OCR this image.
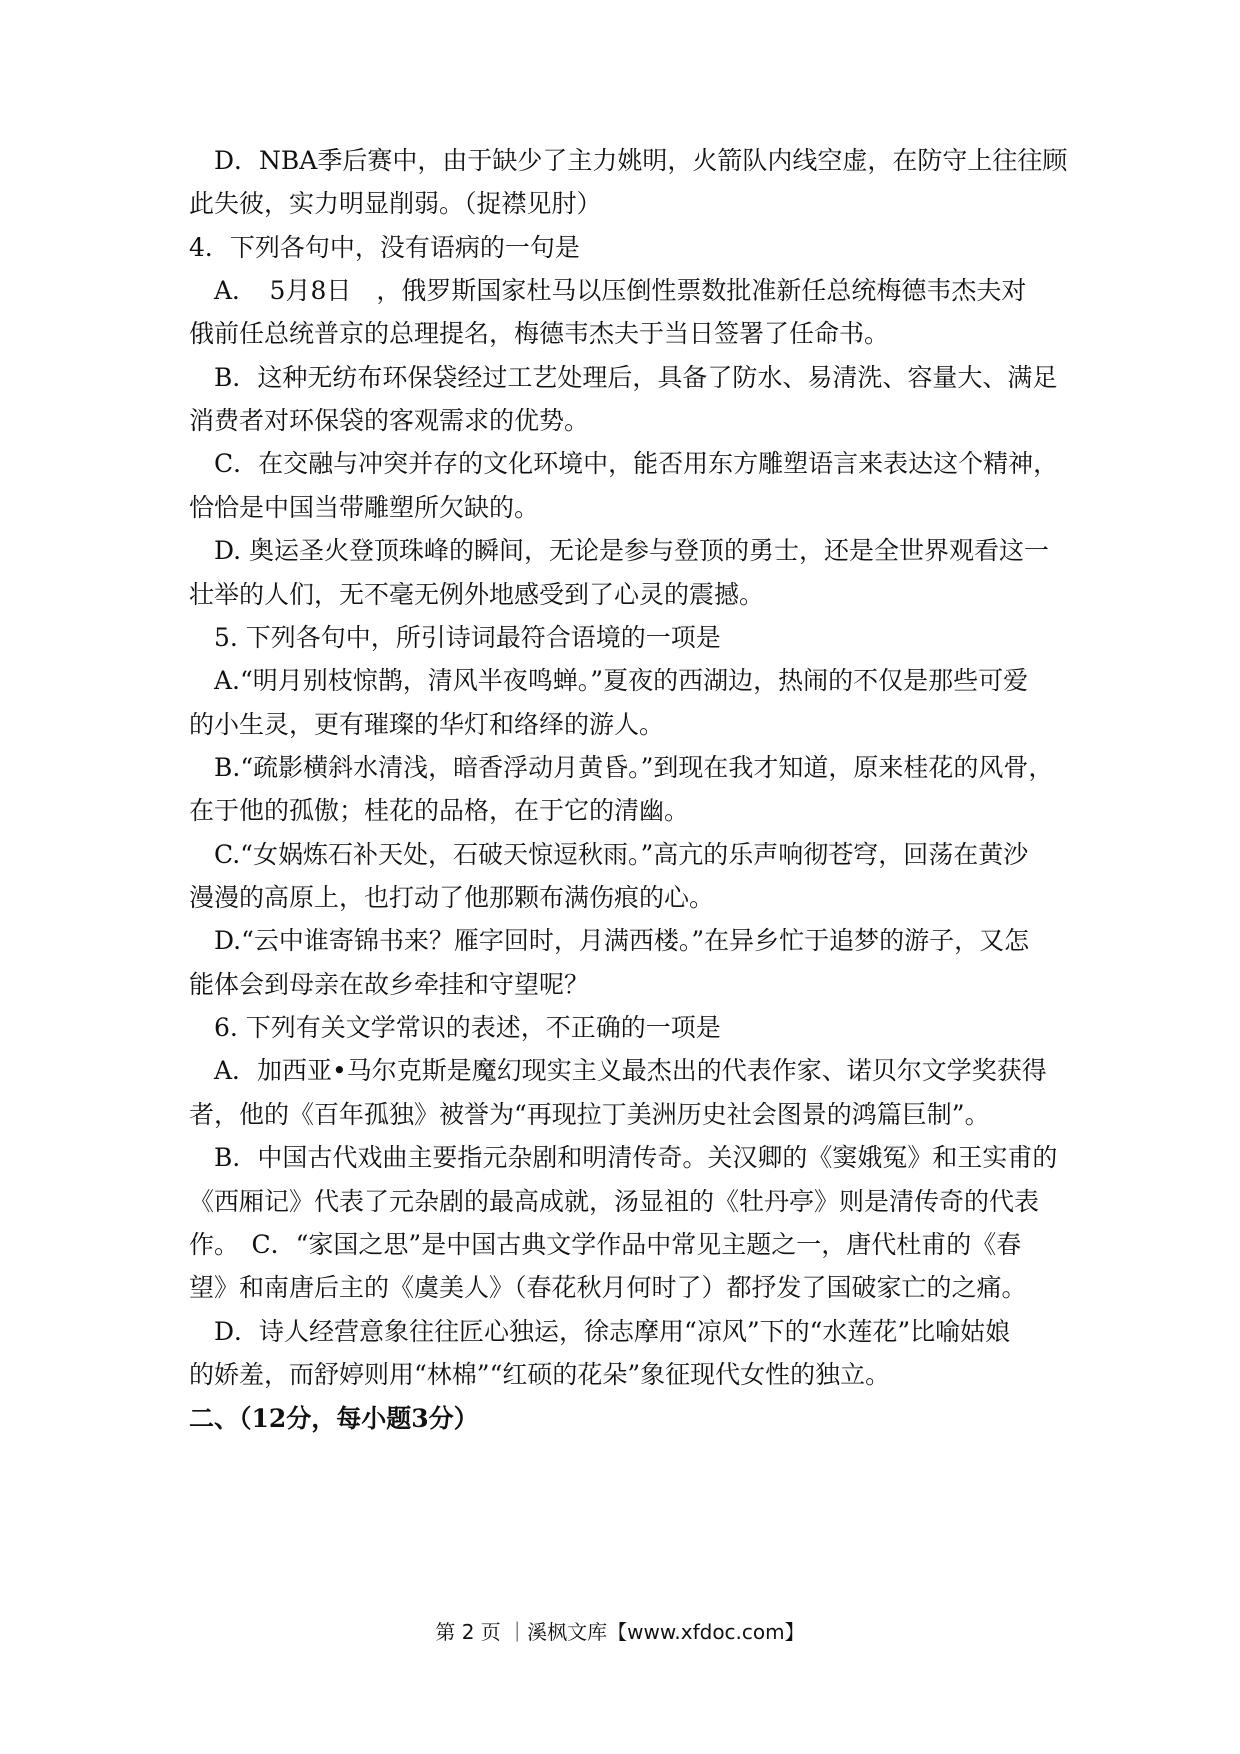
　D．NBA季后赛中，由于缺少了主力姚明，火箭队内线空虚，在防守上往往顾
此失彼，实力明显削弱。（捉襟见肘）
4．下列各句中，没有语病的一句是
　A．　5月8日　，俄罗斯国家杜马以压倒性票数批准新任总统梅德韦杰夫对
俄前任总统普京的总理提名，梅德韦杰夫于当日签署了任命书。
　B．这种无纺布环保袋经过工艺处理后，具备了防水、易清洗、容量大、满足
消费者对环保袋的客观需求的优势。
　C．在交融与冲突并存的文化环境中，能否用东方雕塑语言来表达这个精神，
恰恰是中国当带雕塑所欠缺的。
　D. 奥运圣火登顶珠峰的瞬间，无论是参与登顶的勇士，还是全世界观看这一
壮举的人们，无不毫无例外地感受到了心灵的震撼。
　5. 下列各句中，所引诗词最符合语境的一项是
　A.“明月别枝惊鹊，清风半夜鸣蝉。”夏夜的西湖边，热闹的不仅是那些可爱
的小生灵，更有璀璨的华灯和络绎的游人。
　B.“疏影横斜水清浅，暗香浮动月黄昏。”到现在我才知道，原来桂花的风骨，
在于他的孤傲；桂花的品格，在于它的清幽。
　C.“女娲炼石补天处，石破天惊逗秋雨。”高亢的乐声响彻苍穹，回荡在黄沙
漫漫的高原上，也打动了他那颗布满伤痕的心。
　D.“云中谁寄锦书来？雁字回时，月满西楼。”在异乡忙于追梦的游子，又怎
能体会到母亲在故乡牵挂和守望呢？
　6. 下列有关文学常识的表述，不正确的一项是
　A．加西亚•马尔克斯是魔幻现实主义最杰出的代表作家、诺贝尔文学奖获得
者，他的《百年孤独》被誉为“再现拉丁美洲历史社会图景的鸿篇巨制”。
　B．中国古代戏曲主要指元杂剧和明清传奇。关汉卿的《窦娥冤》和王实甫的
《西厢记》代表了元杂剧的最高成就，汤显祖的《牡丹亭》则是清传奇的代表
作。　C．“家国之思”是中国古典文学作品中常见主题之一，唐代杜甫的《春
望》和南唐后主的《虞美人》（春花秋月何时了）都抒发了国破家亡的之痛。
　D．诗人经营意象往往匠心独运，徐志摩用“凉风”下的“水莲花”比喻姑娘
的娇羞，而舒婷则用“林棉”“红硕的花朵”象征现代女性的独立。
二、（12分，每小题3分）
第 2 页 ｜溪枫文库【www.xfdoc.com】
